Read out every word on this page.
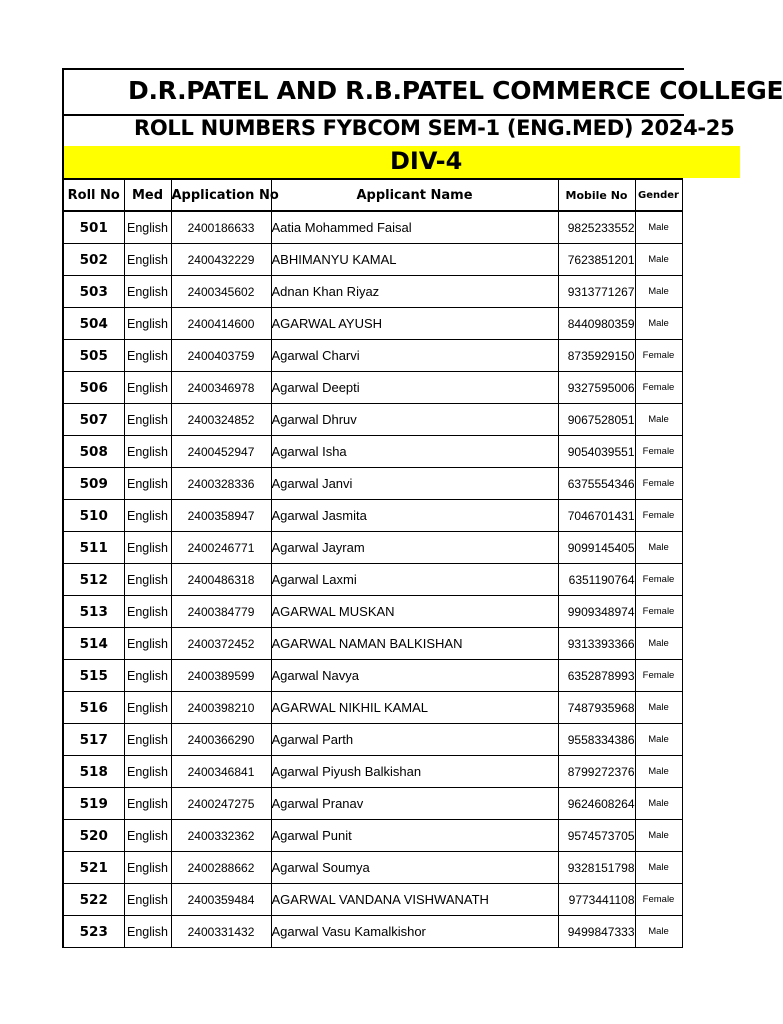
D.R.PATEL AND R.B.PATEL COMMERCE COLLEGE
ROLL NUMBERS FYBCOM SEM-1 (ENG.MED) 2024-25
DIV-4
Roll No	Med	Application No	Applicant Name	Mobile No	Gender
501	English	2400186633	Aatia Mohammed Faisal	9825233552	Male
502	English	2400432229	ABHIMANYU KAMAL	7623851201	Male
503	English	2400345602	Adnan Khan Riyaz	9313771267	Male
504	English	2400414600	AGARWAL AYUSH	8440980359	Male
505	English	2400403759	Agarwal Charvi	8735929150	Female
506	English	2400346978	Agarwal Deepti	9327595006	Female
507	English	2400324852	Agarwal Dhruv	9067528051	Male
508	English	2400452947	Agarwal Isha	9054039551	Female
509	English	2400328336	Agarwal Janvi	6375554346	Female
510	English	2400358947	Agarwal Jasmita	7046701431	Female
511	English	2400246771	Agarwal Jayram	9099145405	Male
512	English	2400486318	Agarwal Laxmi	6351190764	Female
513	English	2400384779	AGARWAL MUSKAN	9909348974	Female
514	English	2400372452	AGARWAL NAMAN BALKISHAN	9313393366	Male
515	English	2400389599	Agarwal Navya	6352878993	Female
516	English	2400398210	AGARWAL NIKHIL KAMAL	7487935968	Male
517	English	2400366290	Agarwal Parth	9558334386	Male
518	English	2400346841	Agarwal Piyush Balkishan	8799272376	Male
519	English	2400247275	Agarwal Pranav	9624608264	Male
520	English	2400332362	Agarwal Punit	9574573705	Male
521	English	2400288662	Agarwal Soumya	9328151798	Male
522	English	2400359484	AGARWAL VANDANA VISHWANATH	9773441108	Female
523	English	2400331432	Agarwal Vasu Kamalkishor	9499847333	Male
